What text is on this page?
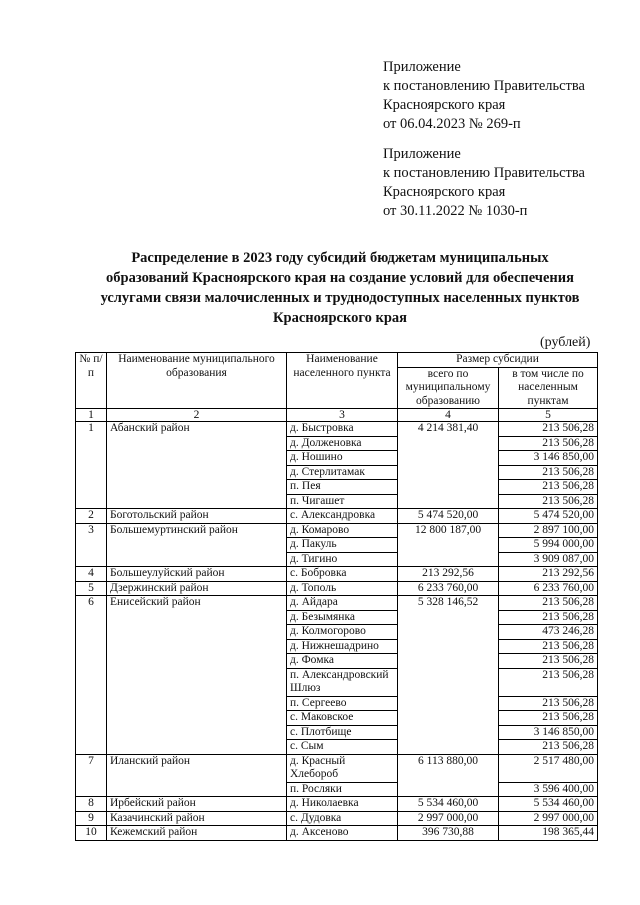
Приложение
к постановлению Правительства
Красноярского края
от 06.04.2023 № 269-п
Приложение
к постановлению Правительства
Красноярского края
от 30.11.2022 № 1030-п
Распределение в 2023 году субсидий бюджетам муниципальных
образований Красноярского края на создание условий для обеспечения
услугами связи малочисленных и труднодоступных населенных пунктов
Красноярского края
(рублей)
№ п/п	Наименование муниципального образования	Наименование населенного пункта	Размер субсидии	
			всего по муниципальному образованию	в том числе по населенным пунктам
1	2	3	4	5
1	Абанский район	д. Быстровка	4 214 381,40	213 506,28
		д. Долженовка		213 506,28
		д. Ношино		3 146 850,00
		д. Стерлитамак		213 506,28
		п. Пея		213 506,28
		п. Чигашет		213 506,28
2	Боготольский район	с. Александровка	5 474 520,00	5 474 520,00
3	Большемуртинский район	д. Комарово	12 800 187,00	2 897 100,00
		д. Пакуль		5 994 000,00
		д. Тигино		3 909 087,00
4	Большеулуйский район	с. Бобровка	213 292,56	213 292,56
5	Дзержинский район	д. Тополь	6 233 760,00	6 233 760,00
6	Енисейский район	д. Айдара	5 328 146,52	213 506,28
		д. Безымянка		213 506,28
		д. Колмогорово		473 246,28
		д. Нижнешадрино		213 506,28
		д. Фомка		213 506,28
		п. Александровский Шлюз		213 506,28
		п. Сергеево		213 506,28
		с. Маковское		213 506,28
		с. Плотбище		3 146 850,00
		с. Сым		213 506,28
7	Иланский район	д. Красный Хлебороб	6 113 880,00	2 517 480,00
		п. Росляки		3 596 400,00
8	Ирбейский район	д. Николаевка	5 534 460,00	5 534 460,00
9	Казачинский район	с. Дудовка	2 997 000,00	2 997 000,00
10	Кежемский район	д. Аксеново	396 730,88	198 365,44
